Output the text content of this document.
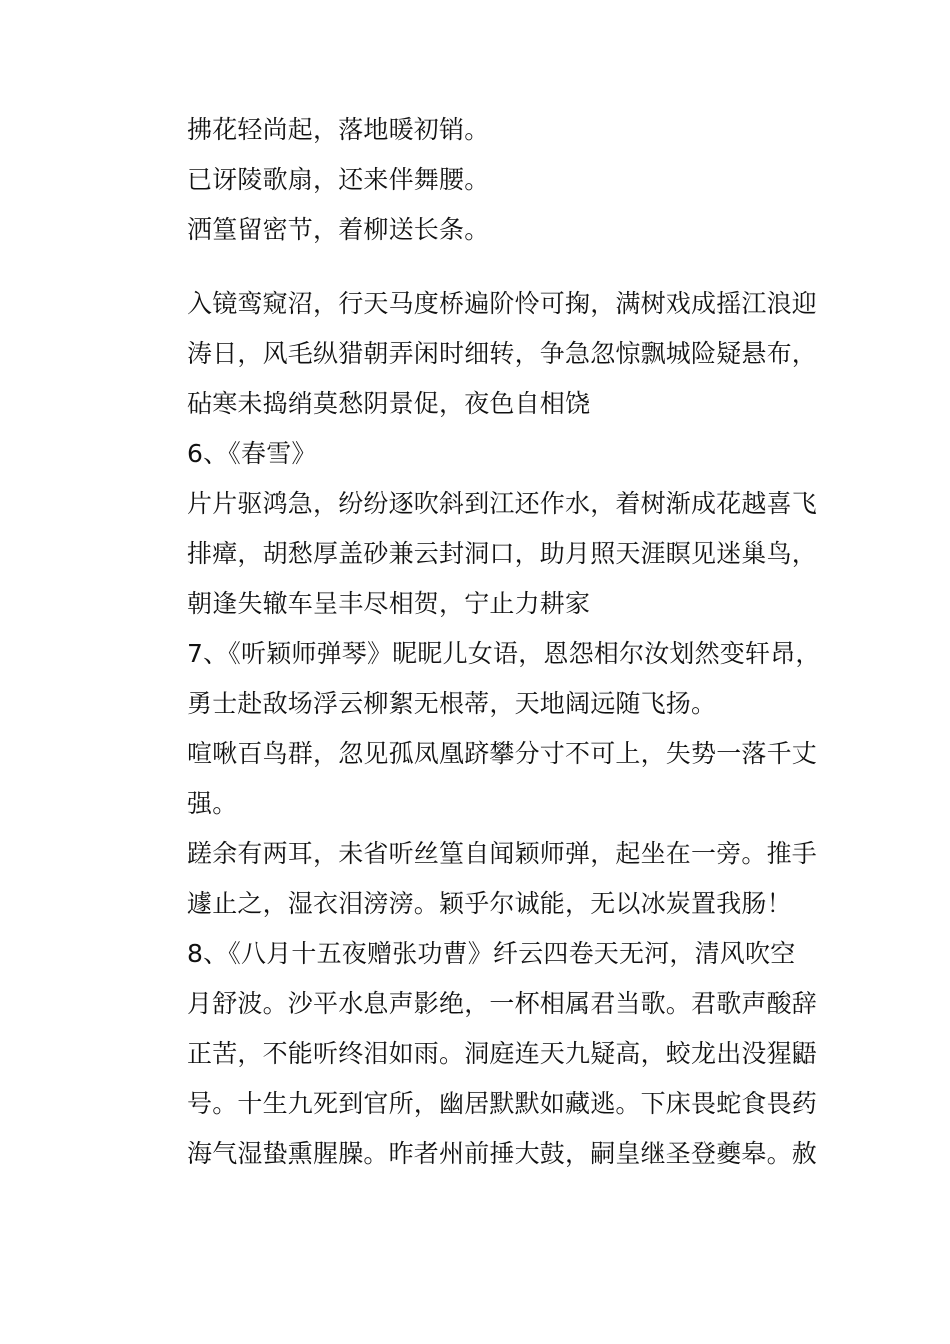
拂花轻尚起，落地暖初销。
已讶陵歌扇，还来伴舞腰。
洒篁留密节，着柳送长条。
入镜鸾窥沼，行天马度桥遍阶怜可掬，满树戏成摇江浪迎
涛日，风毛纵猎朝弄闲时细转，争急忽惊飘城险疑悬布，
砧寒未捣绡莫愁阴景促，夜色自相饶
6、《春雪》
片片驱鸿急，纷纷逐吹斜到江还作水，着树渐成花越喜飞
排瘴，胡愁厚盖砂兼云封洞口，助月照天涯瞑见迷巢鸟，
朝逢失辙车呈丰尽相贺，宁止力耕家
7、《听颖师弹琴》昵昵儿女语，恩怨相尔汝划然变轩昂，
勇士赴敌场浮云柳絮无根蒂，天地阔远随飞扬。
喧啾百鸟群，忽见孤凤凰跻攀分寸不可上，失势一落千丈
强。
蹉余有两耳，未省听丝篁自闻颖师弹，起坐在一旁。推手
遽止之，湿衣泪滂滂。颖乎尔诚能，无以冰炭置我肠！
8、《八月十五夜赠张功曹》纤云四卷天无河，清风吹空
月舒波。沙平水息声影绝，一杯相属君当歌。君歌声酸辞
正苦，不能听终泪如雨。洞庭连天九疑高，蛟龙出没猩鼯
号。十生九死到官所，幽居默默如藏逃。下床畏蛇食畏药
海气湿蛰熏腥臊。昨者州前捶大鼓，嗣皇继圣登夔皋。赦
